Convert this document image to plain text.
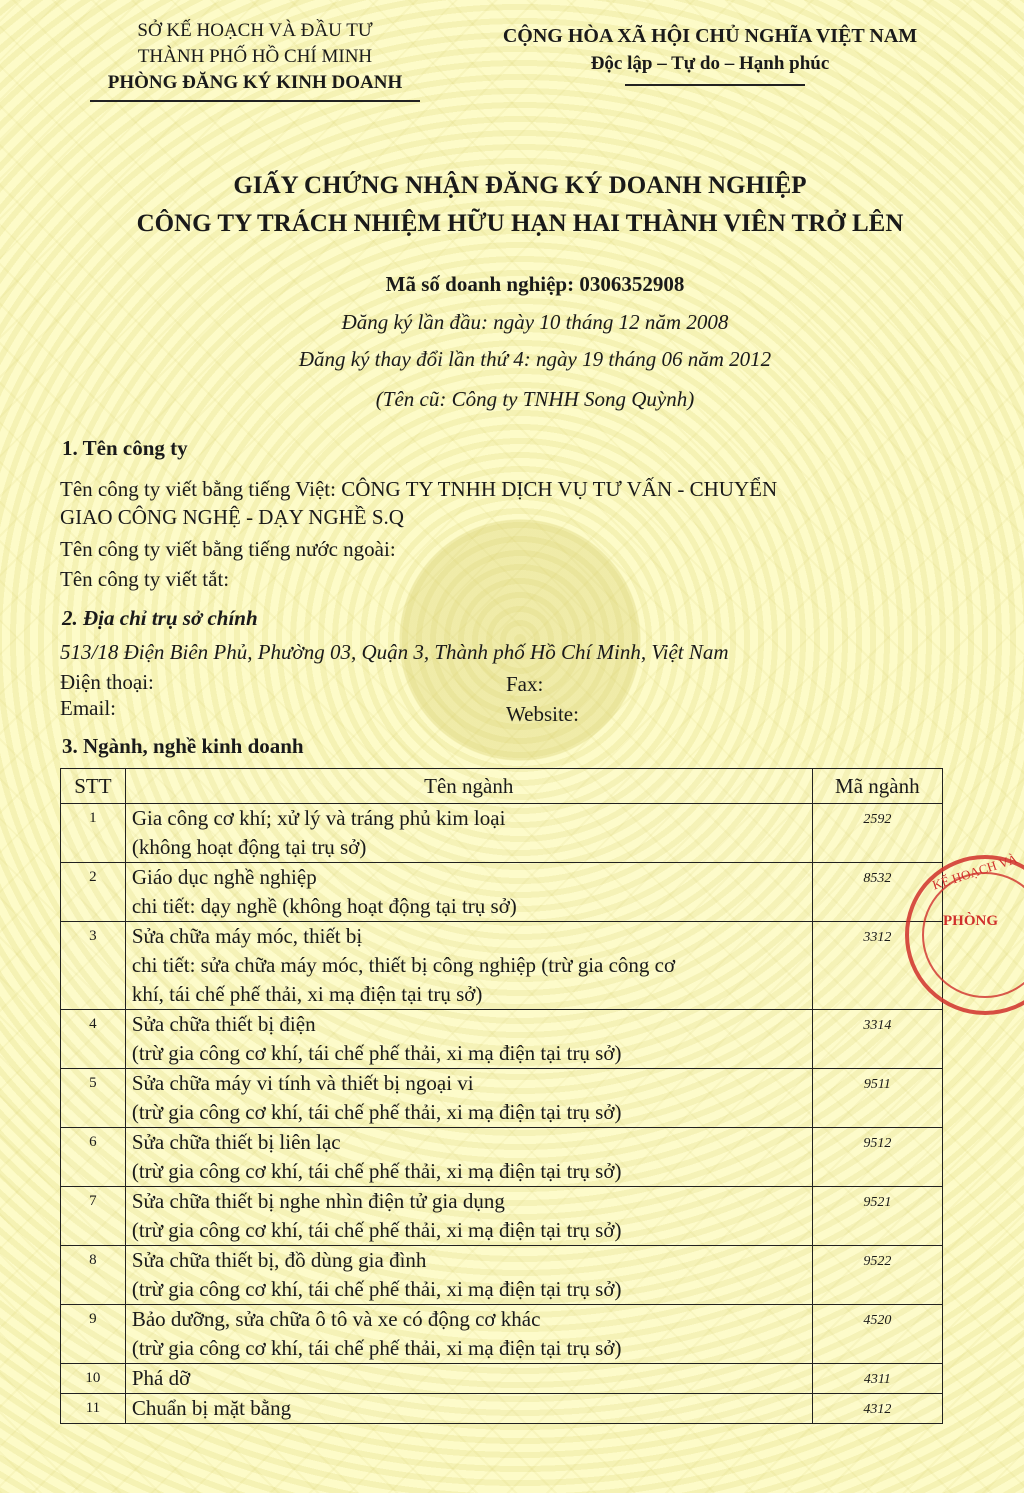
SỞ KẾ HOẠCH VÀ ĐẦU TƯ
THÀNH PHỐ HỒ CHÍ MINH
PHÒNG ĐĂNG KÝ KINH DOANH
CỘNG HÒA XÃ HỘI CHỦ NGHĨA VIỆT NAM
Độc lập – Tự do – Hạnh phúc
GIẤY CHỨNG NHẬN ĐĂNG KÝ DOANH NGHIỆP
CÔNG TY TRÁCH NHIỆM HỮU HẠN HAI THÀNH VIÊN TRỞ LÊN
Mã số doanh nghiệp: 0306352908
Đăng ký lần đầu: ngày 10 tháng 12 năm 2008
Đăng ký thay đổi lần thứ 4: ngày 19 tháng 06 năm 2012
(Tên cũ: Công ty TNHH Song Quỳnh)
1. Tên công ty
Tên công ty viết bằng tiếng Việt: CÔNG TY TNHH DỊCH VỤ TƯ VẤN - CHUYỂN
GIAO CÔNG NGHỆ - DẠY NGHỀ S.Q
Tên công ty viết bằng tiếng nước ngoài:
Tên công ty viết tắt:
2. Địa chỉ trụ sở chính
513/18 Điện Biên Phủ, Phường 03, Quận 3, Thành phố Hồ Chí Minh, Việt Nam
Điện thoại:	Fax:
Email:	Website:
3. Ngành, nghề kinh doanh
STT	Tên ngành	Mã ngành
1	Gia công cơ khí; xử lý và tráng phủ kim loại
(không hoạt động tại trụ sở)	2592
2	Giáo dục nghề nghiệp
chi tiết: dạy nghề (không hoạt động tại trụ sở)	8532
3	Sửa chữa máy móc, thiết bị
chi tiết: sửa chữa máy móc, thiết bị công nghiệp (trừ gia công cơ
khí, tái chế phế thải, xi mạ điện tại trụ sở)	3312
4	Sửa chữa thiết bị điện
(trừ gia công cơ khí, tái chế phế thải, xi mạ điện tại trụ sở)	3314
5	Sửa chữa máy vi tính và thiết bị ngoại vi
(trừ gia công cơ khí, tái chế phế thải, xi mạ điện tại trụ sở)	9511
6	Sửa chữa thiết bị liên lạc
(trừ gia công cơ khí, tái chế phế thải, xi mạ điện tại trụ sở)	9512
7	Sửa chữa thiết bị nghe nhìn điện tử gia dụng
(trừ gia công cơ khí, tái chế phế thải, xi mạ điện tại trụ sở)	9521
8	Sửa chữa thiết bị, đồ dùng gia đình
(trừ gia công cơ khí, tái chế phế thải, xi mạ điện tại trụ sở)	9522
9	Bảo dưỡng, sửa chữa ô tô và xe có động cơ khác
(trừ gia công cơ khí, tái chế phế thải, xi mạ điện tại trụ sở)	4520
10	Phá dỡ	4311
11	Chuẩn bị mặt bằng	4312
KẾ HOẠCH VÀ
PHÒNG
